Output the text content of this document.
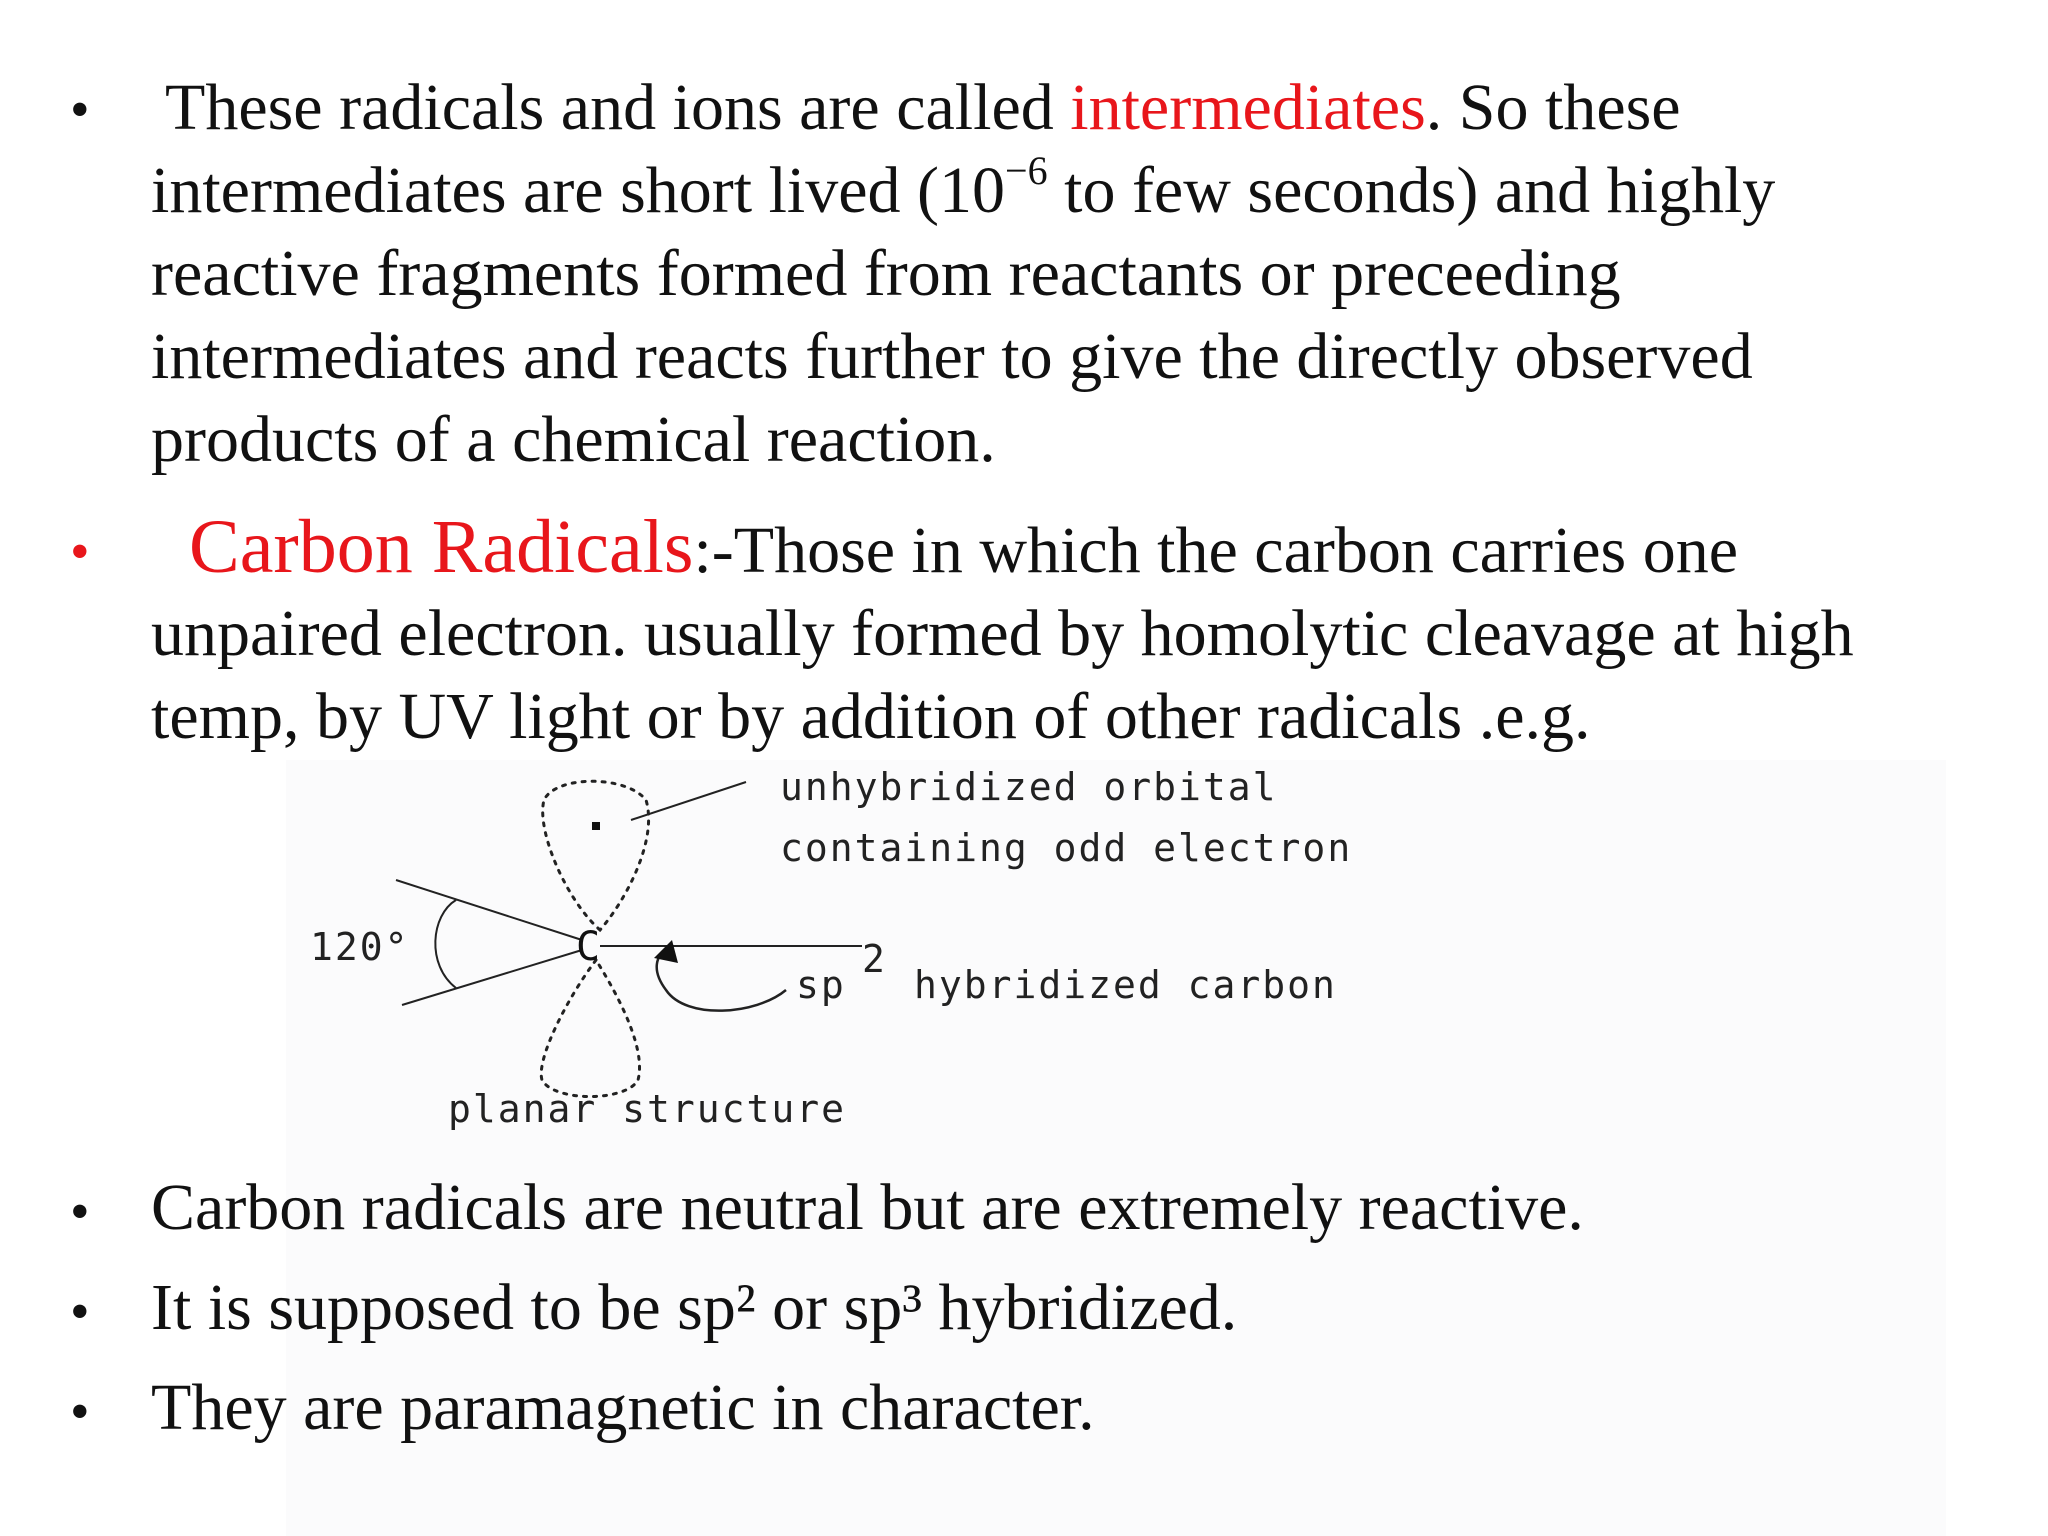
• These radicals and ions are called intermediates. So these intermediates are short lived ($10^{-6}$ to few seconds) and highly reactive fragments formed from reactants or preceeding intermediates and reacts further to give the directly observed products of a chemical reaction.

•	Carbon Radicals:-Those in which the carbon carries one unpaired electron. usually formed by homolytic cleavage at high temp, by UV light or by addition of other radicals .e.g.

unhybridized orbital
containing odd electron
120°	C
sp
2
hybridized carbon
planar structure
• Carbon radicals are neutral but are extremely reactive.

• It is supposed to be sp² or sp³ hybridized.

• They are paramagnetic in character.
